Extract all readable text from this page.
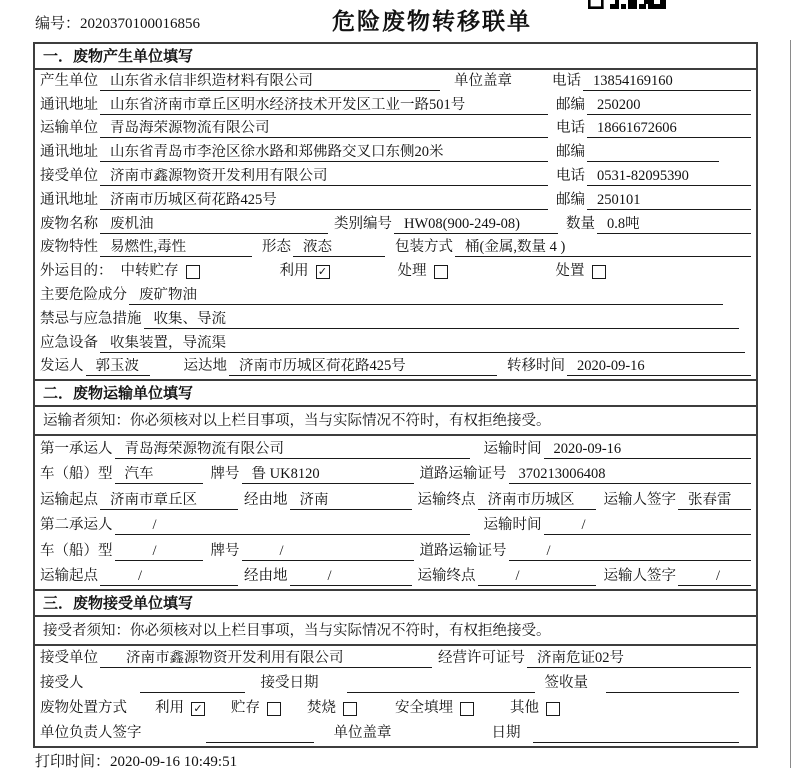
编号：2020370100016856	危险废物转移联单
一．废物产生单位填写
产生单位 山东省永信非织造材料有限公司	单位盖章	电话 13854169160
通讯地址 山东省济南市章丘区明水经济技术开发区工业一路501号	邮编 250200
运输单位 青岛海荣源物流有限公司	电话 18661672606
通讯地址 山东省青岛市李沧区徐水路和郑佛路交叉口东侧20米	邮编
接受单位 济南市鑫源物资开发利用有限公司	电话 0531-82095390
通讯地址 济南市历城区荷花路425号	邮编 250101
废物名称 废机油	类别编号 HW08(900-249-08)	数量 0.8吨
废物特性 易燃性,毒性	形态 液态	包装方式 桶(金属,数量 4 )
外运目的： 中转贮存	利用 ✓	处理	处置
主要危险成分 废矿物油
禁忌与应急措施 收集、导流
应急设备 收集装置，导流渠
发运人 郭玉波	运达地 济南市历城区荷花路425号	转移时间 2020-09-16
二．废物运输单位填写
运输者须知：你必须核对以上栏目事项，当与实际情况不符时，有权拒绝接受。
第一承运人 青岛海荣源物流有限公司	运输时间 2020-09-16
车（船）型 汽车	牌号 鲁 UK8120	道路运输证号 370213006408
运输起点 济南市章丘区	经由地 济南	运输终点 济南市历城区	运输人签字 张春雷
第二承运人	/	运输时间	/
车（船）型	/	牌号	/	道路运输证号	/
运输起点	/	经由地	/	运输终点	/	运输人签字	/
三．废物接受单位填写
接受者须知：你必须核对以上栏目事项，当与实际情况不符时，有权拒绝接受。
接受单位	济南市鑫源物资开发利用有限公司	经营许可证号 济南危证02号
接受人	接受日期	签收量
废物处置方式 利用 ✓ 贮存	焚烧	安全填埋	其他
单位负责人签字	单位盖章	日期
打印时间：2020-09-16 10:49:51
